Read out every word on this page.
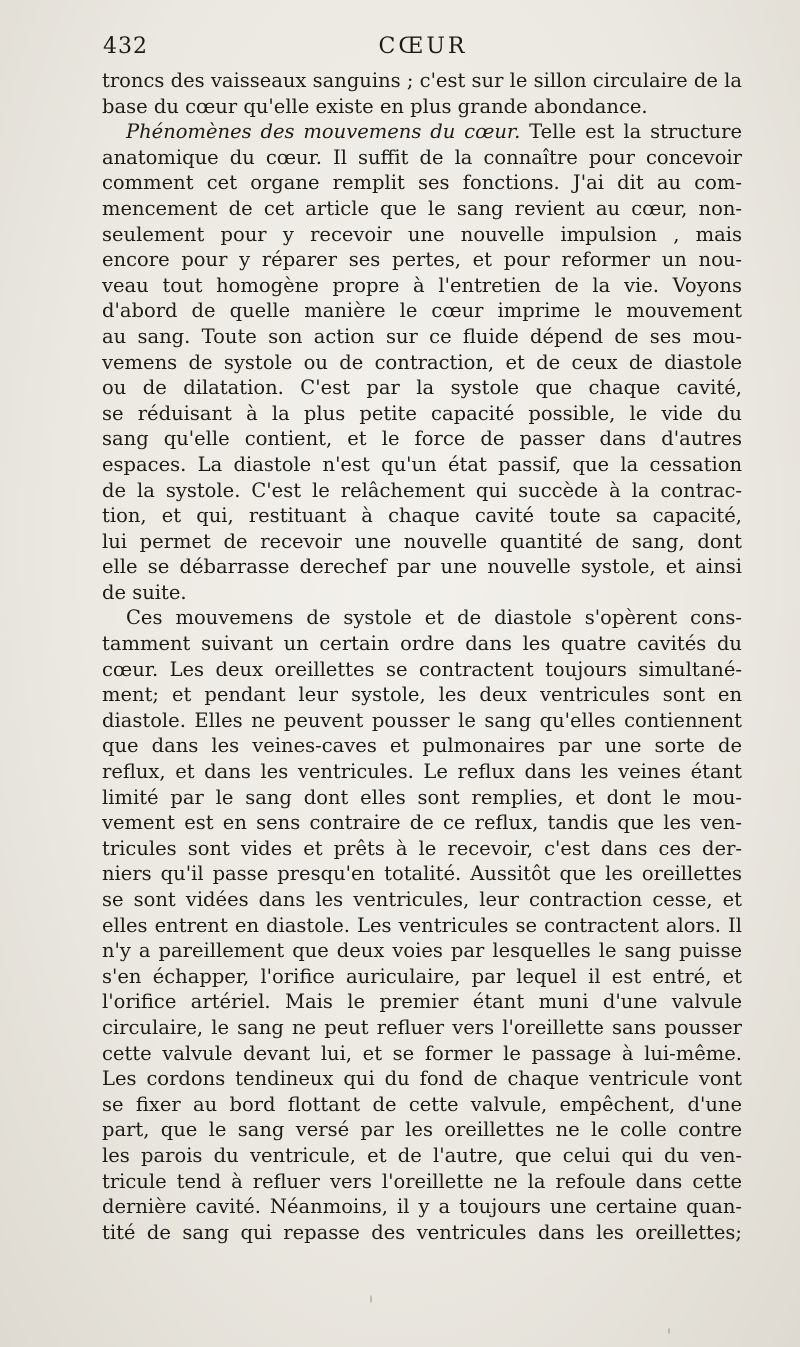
432	CŒUR
troncs des vaisseaux sanguins ; c'est sur le sillon circulaire de la
base du cœur qu'elle existe en plus grande abondance.
Phénomènes des mouvemens du cœur. Telle est la structure
anatomique du cœur. Il suffit de la connaître pour concevoir
comment cet organe remplit ses fonctions. J'ai dit au com-
mencement de cet article que le sang revient au cœur, non-
seulement pour y recevoir une nouvelle impulsion , mais
encore pour y réparer ses pertes, et pour reformer un nou-
veau tout homogène propre à l'entretien de la vie. Voyons
d'abord de quelle manière le cœur imprime le mouvement
au sang. Toute son action sur ce fluide dépend de ses mou-
vemens de systole ou de contraction, et de ceux de diastole
ou de dilatation. C'est par la systole que chaque cavité,
se réduisant à la plus petite capacité possible, le vide du
sang qu'elle contient, et le force de passer dans d'autres
espaces. La diastole n'est qu'un état passif, que la cessation
de la systole. C'est le relâchement qui succède à la contrac-
tion, et qui, restituant à chaque cavité toute sa capacité,
lui permet de recevoir une nouvelle quantité de sang, dont
elle se débarrasse derechef par une nouvelle systole, et ainsi
de suite.
Ces mouvemens de systole et de diastole s'opèrent cons-
tamment suivant un certain ordre dans les quatre cavités du
cœur. Les deux oreillettes se contractent toujours simultané-
ment; et pendant leur systole, les deux ventricules sont en
diastole. Elles ne peuvent pousser le sang qu'elles contiennent
que dans les veines-caves et pulmonaires par une sorte de
reflux, et dans les ventricules. Le reflux dans les veines étant
limité par le sang dont elles sont remplies, et dont le mou-
vement est en sens contraire de ce reflux, tandis que les ven-
tricules sont vides et prêts à le recevoir, c'est dans ces der-
niers qu'il passe presqu'en totalité. Aussitôt que les oreillettes
se sont vidées dans les ventricules, leur contraction cesse, et
elles entrent en diastole. Les ventricules se contractent alors. Il
n'y a pareillement que deux voies par lesquelles le sang puisse
s'en échapper, l'orifice auriculaire, par lequel il est entré, et
l'orifice artériel. Mais le premier étant muni d'une valvule
circulaire, le sang ne peut refluer vers l'oreillette sans pousser
cette valvule devant lui, et se former le passage à lui-même.
Les cordons tendineux qui du fond de chaque ventricule vont
se fixer au bord flottant de cette valvule, empêchent, d'une
part, que le sang versé par les oreillettes ne le colle contre
les parois du ventricule, et de l'autre, que celui qui du ven-
tricule tend à refluer vers l'oreillette ne la refoule dans cette
dernière cavité. Néanmoins, il y a toujours une certaine quan-
tité de sang qui repasse des ventricules dans les oreillettes;
